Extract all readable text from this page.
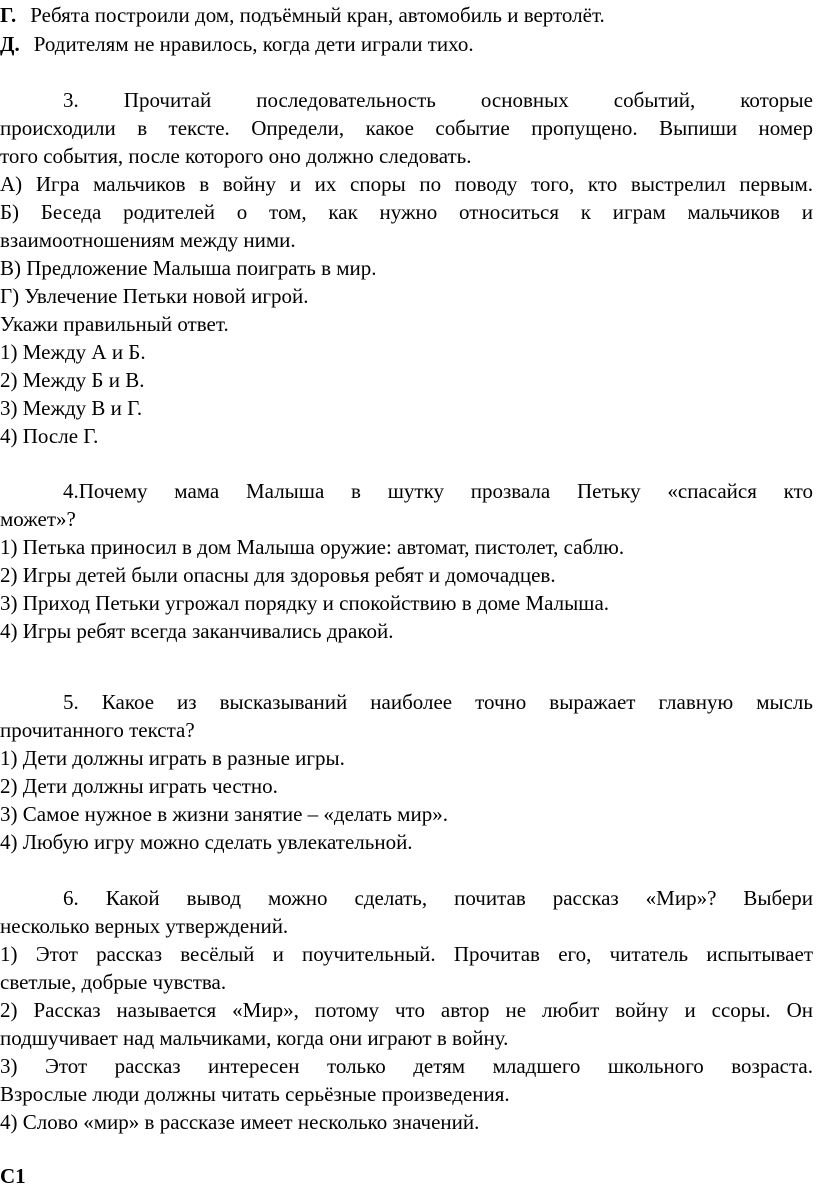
Г. Ребята построили дом, подъёмный кран, автомобиль и вертолёт.
Д. Родителям не нравилось, когда дети играли тихо.
3. Прочитай последовательность основных событий, которые
происходили в тексте. Определи, какое событие пропущено. Выпиши номер
того события, после которого оно должно следовать.
А) Игра мальчиков в войну и их споры по поводу того, кто выстрелил первым.
Б) Беседа родителей о том, как нужно относиться к играм мальчиков и
взаимоотношениям между ними.
В) Предложение Малыша поиграть в мир.
Г) Увлечение Петьки новой игрой.
Укажи правильный ответ.
1) Между А и Б.
2) Между Б и В.
3) Между В и Г.
4) После Г.
4.Почему мама Малыша в шутку прозвала Петьку «спасайся кто
может»?
1) Петька приносил в дом Малыша оружие: автомат, пистолет, саблю.
2) Игры детей были опасны для здоровья ребят и домочадцев.
3) Приход Петьки угрожал порядку и спокойствию в доме Малыша.
4) Игры ребят всегда заканчивались дракой.
5. Какое из высказываний наиболее точно выражает главную мысль
прочитанного текста?
1) Дети должны играть в разные игры.
2) Дети должны играть честно.
3) Самое нужное в жизни занятие – «делать мир».
4) Любую игру можно сделать увлекательной.
6. Какой вывод можно сделать, почитав рассказ «Мир»? Выбери
несколько верных утверждений.
1) Этот рассказ весёлый и поучительный. Прочитав его, читатель испытывает
светлые, добрые чувства.
2) Рассказ называется «Мир», потому что автор не любит войну и ссоры. Он
подшучивает над мальчиками, когда они играют в войну.
3) Этот рассказ интересен только детям младшего школьного возраста.
Взрослые люди должны читать серьёзные произведения.
4) Слово «мир» в рассказе имеет несколько значений.
С1
